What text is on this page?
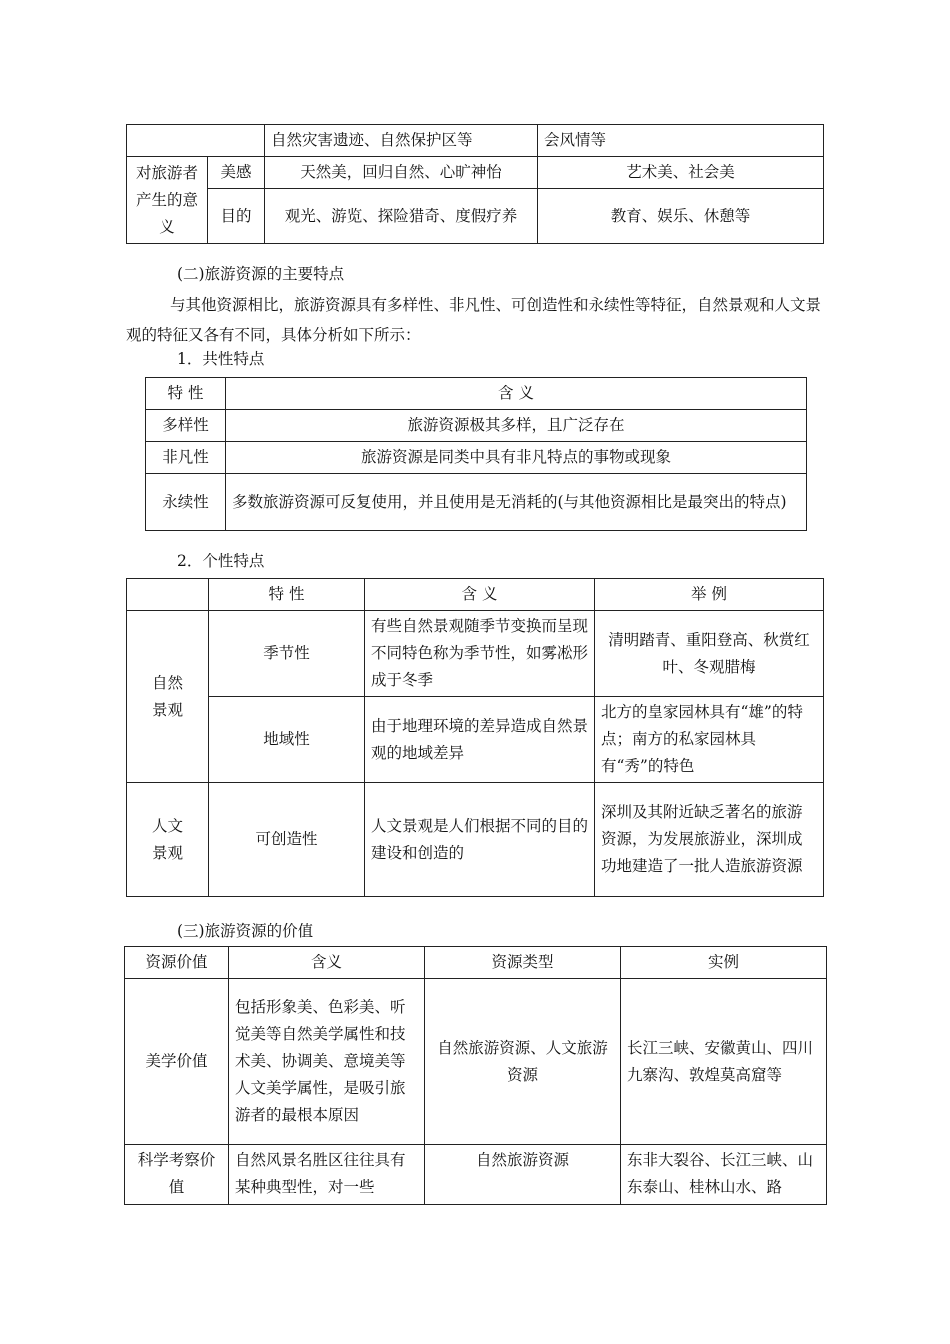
		自然灾害遗迹、自然保护区等	会风情等
对旅游者产生的意义	美感	天然美，回归自然、心旷神怡	艺术美、社会美
	目的	观光、游览、探险猎奇、度假疗养	教育、娱乐、休憩等

(二)旅游资源的主要特点

与其他资源相比，旅游资源具有多样性、非凡性、可创造性和永续性等特征，自然景观和人文景观的特征又各有不同，具体分析如下所示：

1．共性特点

特 性	含 义
多样性	旅游资源极其多样，且广泛存在
非凡性	旅游资源是同类中具有非凡特点的事物或现象
永续性	多数旅游资源可反复使用，并且使用是无消耗的(与其他资源相比是最突出的特点)

2．个性特点

	特 性	含 义	举 例
自然景观	季节性	有些自然景观随季节变换而呈现不同特色称为季节性，如雾凇形成于冬季	清明踏青、重阳登高、秋赏红叶、冬观腊梅
	地域性	由于地理环境的差异造成自然景观的地域差异	北方的皇家园林具有“雄”的特点；南方的私家园林具有“秀”的特色
人文景观	可创造性	人文景观是人们根据不同的目的建设和创造的	深圳及其附近缺乏著名的旅游资源，为发展旅游业，深圳成功地建造了一批人造旅游资源

(三)旅游资源的价值

资源价值	含义	资源类型	实例
美学价值	包括形象美、色彩美、听觉美等自然美学属性和技术美、协调美、意境美等人文美学属性，是吸引旅游者的最根本原因	自然旅游资源、人文旅游资源	长江三峡、安徽黄山、四川九寨沟、敦煌莫高窟等
科学考察价值	自然风景名胜区往往具有某种典型性，对一些	自然旅游资源	东非大裂谷、长江三峡、山东泰山、桂林山水、路
